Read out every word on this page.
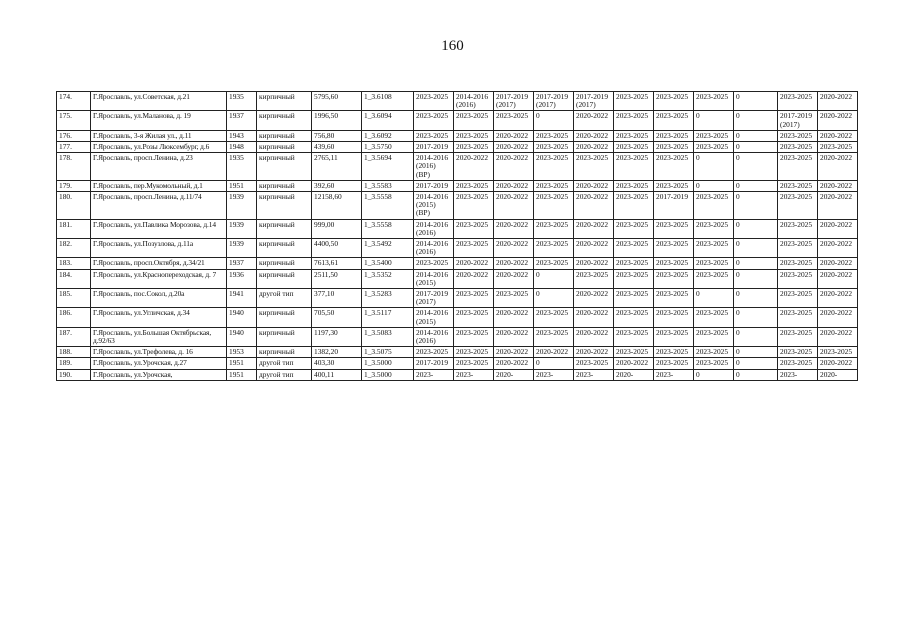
160
174.	Г.Ярославль, ул.Советская, д.21	1935	кирпичный	5795,60	1_3.6108	2023-2025	2014-2016 (2016)	2017-2019 (2017)	2017-2019 (2017)	2017-2019 (2017)	2023-2025	2023-2025	2023-2025	0	2023-2025	2020-2022
175.	Г.Ярославль, ул.Маланова, д. 19	1937	кирпичный	1996,50	1_3.6094	2023-2025	2023-2025	2023-2025	0	2020-2022	2023-2025	2023-2025	0	0	2017-2019 (2017)	2020-2022
176.	Г.Ярославль, 3-я Жилая ул., д.11	1943	кирпичный	756,80	1_3.6092	2023-2025	2023-2025	2020-2022	2023-2025	2020-2022	2023-2025	2023-2025	2023-2025	0	2023-2025	2020-2022
177.	Г.Ярославль, ул.Розы Люксембург, д.6	1948	кирпичный	439,60	1_3.5750	2017-2019	2023-2025	2020-2022	2023-2025	2020-2022	2023-2025	2023-2025	2023-2025	0	2023-2025	2023-2025
178.	Г.Ярославль, просп.Ленина, д.23	1935	кирпичный	2765,11	1_3.5694	2014-2016 (2016) (ВР)	2020-2022	2020-2022	2023-2025	2023-2025	2023-2025	2023-2025	0	0	2023-2025	2020-2022
179.	Г.Ярославль, пер.Мукомольный, д.1	1951	кирпичный	392,60	1_3.5583	2017-2019	2023-2025	2020-2022	2023-2025	2020-2022	2023-2025	2023-2025	0	0	2023-2025	2020-2022
180.	Г.Ярославль, просп.Ленина, д.11/74	1939	кирпичный	12158,60	1_3.5558	2014-2016 (2015) (ВР)	2023-2025	2020-2022	2023-2025	2020-2022	2023-2025	2017-2019	2023-2025	0	2023-2025	2020-2022
181.	Г.Ярославль, ул.Павлика Морозова, д.14	1939	кирпичный	999,00	1_3.5558	2014-2016 (2016)	2023-2025	2020-2022	2023-2025	2020-2022	2023-2025	2023-2025	2023-2025	0	2023-2025	2020-2022
182.	Г.Ярославль, ул.Позузлова, д.11а	1939	кирпичный	4400,50	1_3.5492	2014-2016 (2016)	2023-2025	2020-2022	2023-2025	2020-2022	2023-2025	2023-2025	2023-2025	0	2023-2025	2020-2022
183.	Г.Ярославль, просп.Октября, д.34/21	1937	кирпичный	7613,61	1_3.5400	2023-2025	2020-2022	2020-2022	2023-2025	2020-2022	2023-2025	2023-2025	2023-2025	0	2023-2025	2020-2022
184.	Г.Ярославль, ул.Краснопереходская, д. 7	1936	кирпичный	2511,50	1_3.5352	2014-2016 (2015)	2020-2022	2020-2022	0	2023-2025	2023-2025	2023-2025	2023-2025	0	2023-2025	2020-2022
185.	Г.Ярославль, пос.Сокол, д.20а	1941	другой тип	377,10	1_3.5283	2017-2019 (2017)	2023-2025	2023-2025	0	2020-2022	2023-2025	2023-2025	0	0	2023-2025	2020-2022
186.	Г.Ярославль, ул.Угличская, д.34	1940	кирпичный	705,50	1_3.5117	2014-2016 (2015)	2023-2025	2020-2022	2023-2025	2020-2022	2023-2025	2023-2025	2023-2025	0	2023-2025	2020-2022
187.	Г.Ярославль, ул.Большая Октябрьская, д.92/63	1940	кирпичный	1197,30	1_3.5083	2014-2016 (2016)	2023-2025	2020-2022	2023-2025	2020-2022	2023-2025	2023-2025	2023-2025	0	2023-2025	2020-2022
188.	Г.Ярославль, ул.Трефолева, д. 16	1953	кирпичный	1382,20	1_3.5075	2023-2025	2023-2025	2020-2022	2020-2022	2020-2022	2023-2025	2023-2025	2023-2025	0	2023-2025	2023-2025
189.	Г.Ярославль, ул.Урочская, д.27	1951	другой тип	403,30	1_3.5000	2017-2019	2023-2025	2020-2022	0	2023-2025	2020-2022	2023-2025	2023-2025	0	2023-2025	2020-2022
190.	Г.Ярославль, ул.Урочская,	1951	другой тип	400,11	1_3.5000	2023-	2023-	2020-	2023-	2023-	2020-	2023-	0	0	2023-	2020-
